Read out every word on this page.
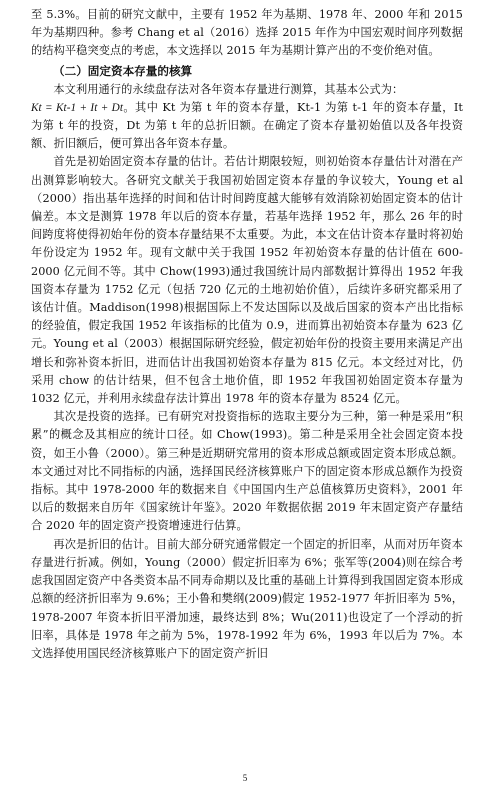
至 5.3%。目前的研究文献中，主要有 1952 年为基期、1978 年、2000 年和 2015 年为基期四种。参考 Chang et al（2016）选择 2015 年作为中国宏观时间序列数据的结构平稳突变点的考虑，本文选择以 2015 年为基期计算产出的不变价绝对值。

（二）固定资本存量的核算

本文利用通行的永续盘存法对各年资本存量进行测算，其基本公式为：

Kt = Kt-1 + It + Dt。其中 Kt 为第 t 年的资本存量，Kt-1 为第 t-1 年的资本存量，It 为第 t 年的投资，Dt 为第 t 年的总折旧额。在确定了资本存量初始值以及各年投资额、折旧额后，便可算出各年资本存量。

首先是初始固定资本存量的估计。若估计期限较短，则初始资本存量估计对潜在产出测算影响较大。各研究文献关于我国初始固定资本存量的争议较大，Young et al（2000）指出基年选择的时间和估计时间跨度越大能够有效消除初始固定资本的估计偏差。本文是测算 1978 年以后的资本存量，若基年选择 1952 年，那么 26 年的时间跨度将使得初始年份的资本存量结果不太重要。为此，本文在估计资本存量时将初始年份设定为 1952 年。现有文献中关于我国 1952 年初始资本存量的估计值在 600-2000 亿元间不等。其中 Chow(1993)通过我国统计局内部数据计算得出 1952 年我国资本存量为 1752 亿元（包括 720 亿元的土地初始价值），后续许多研究都采用了该估计值。Maddison(1998)根据国际上不发达国际以及战后国家的资本产出比指标的经验值，假定我国 1952 年该指标的比值为 0.9，进而算出初始资本存量为 623 亿元。Young et al（2003）根据国际研究经验，假定初始年份的投资主要用来满足产出增长和弥补资本折旧，进而估计出我国初始资本存量为 815 亿元。本文经过对比，仍采用 chow 的估计结果，但不包含土地价值，即 1952 年我国初始固定资本存量为 1032 亿元，并利用永续盘存法计算出 1978 年的资本存量为 8524 亿元。

其次是投资的选择。已有研究对投资指标的选取主要分为三种，第一种是采用“积累”的概念及其相应的统计口径。如 Chow(1993)。第二种是采用全社会固定资本投资，如王小鲁（2000）。第三种是近期研究常用的资本形成总额或固定资本形成总额。本文通过对比不同指标的内涵，选择国民经济核算账户下的固定资本形成总额作为投资指标。其中 1978-2000 年的数据来自《中国国内生产总值核算历史资料》，2001 年以后的数据来自历年《国家统计年鉴》。2020 年数据依据 2019 年末固定资产存量结合 2020 年的固定资产投资增速进行估算。

再次是折旧的估计。目前大部分研究通常假定一个固定的折旧率，从而对历年资本存量进行折减。例如，Young（2000）假定折旧率为 6%；张军等(2004)则在综合考虑我国固定资产中各类资本品不同寿命期以及比重的基础上计算得到我国固定资本形成总额的经济折旧率为 9.6%；王小鲁和樊纲(2009)假定 1952-1977 年折旧率为 5%，1978-2007 年资本折旧平滑加速，最终达到 8%；Wu(2011)也设定了一个浮动的折旧率，具体是 1978 年之前为 5%，1978-1992 年为 6%，1993 年以后为 7%。本文选择使用国民经济核算账户下的固定资产折旧

5
